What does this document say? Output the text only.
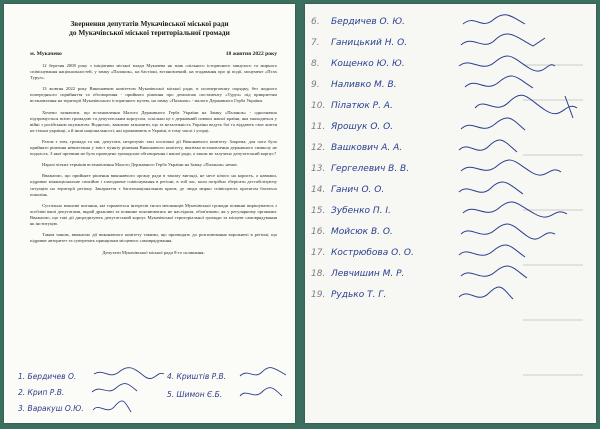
Звернення депутатів Мукачівської міської ради
до Мукачівської міської територіальної громади
м. Мукачево	18 жовтня 2022 року

12 березня 2008 року з ініціативи міської влади Мукачева як знак спільного історичного минулого та мирного співіснування національностей, у замку «Паланок», на бастіоні, встановлений, на згадавання про ці події, монумент «Птах Турул».

13 жовтня 2022 року Виконавчим комітетом Мукачівської міської ради, в позачерговому порядку, без жодного попереднього сприйняття та обговорення - прийнято рішення про демонтаж постаменту «Турул» під прикриттям встановлення на території Мукачівського історичного музею, на замку «Паланок» - малого Державного Герба України.

Хочемо зазначити, що встановлення Малого Державного Герба України на Замку «Паланок» - однозначно підтримується всією громадою та депутатським корпусом, оскільки це є державний символ нашої країни, яка знаходиться у війні з російським окупантом. Водночас, важливо зазначити, що за незалежність України ведуть бої та віддають своє життя не тільки українці, а й інші національності, які проживають в Україні, в тому числі і угорці.

Разом з тим, громада та ми, депутати, незрозуміє такі поспішні дії Виконавчого комітету. Зокрема, для чого було прийнято рішення невнесення у зміст пункту рішення Виконавчого комітету, вказівка встановлення державного символу не подалось. З якої причини не було проведено громадське обговорення і нашої ради, а також не залучено депутатський корпус?

Наразі чітких термінів встановлення Малого Державного Герба України на Замку «Паланок» немає.

Вважаємо, що прийняте рішення виконавчого органу ради в такому вигляді, не несе нічого на користь, а навпаки, підриває міжнаціональне спокійне і злагоджене співіснування в регіоні, в той час, коли потрібно зберігати дестабілізуючу ситуацію на території регіону. Закарпаття є багатонаціональним краєм, де люди мирно співіснують протягом багатьох поколінь.

Суспільно важливі питання, які торкаються інтересів тисяч мешканців Мукачівської громади повинні вирішуватись з асобліві ваші депутатами, вкрай дражливі та повинне пояснюватись не наслідком, обов'язково, як у регулярному органами. Вважаємо, що такі дії дисредитують депутатський корпус Мукачівської територіальної громади та місцеве самоврядування як інституцію.

Таким чином, вважаємо дії виконавчого комітету такими, що призводять до розпалювання ворожнечі в регіоні, що підриває авторитет та суперечать принципам місцевого самоврядування.

Депутати Мукачівської міської ради 8-го скликання:
1. Бердичев О.
2. Крип Р.В.
3. Варакуш О.Ю.
4. Криштів Р.В.
5. Шимон Є.Б.
6. Бердичев О. Ю.
7. Ганицький Н. О.
8. Кощенко Ю. Ю.
9. Наливко М. В.
10. Пілатюк Р. А.
11. Ярошук О. О.
12. Вашкович А. А.
13. Гергелевич В. В.
14. Ганич О. О.
15. Зубенко П. І.
16. Мойсюк В. О.
17. Кострюбова О. О.
18. Левчишин М. Р.
19. Рудько Т. Г.
